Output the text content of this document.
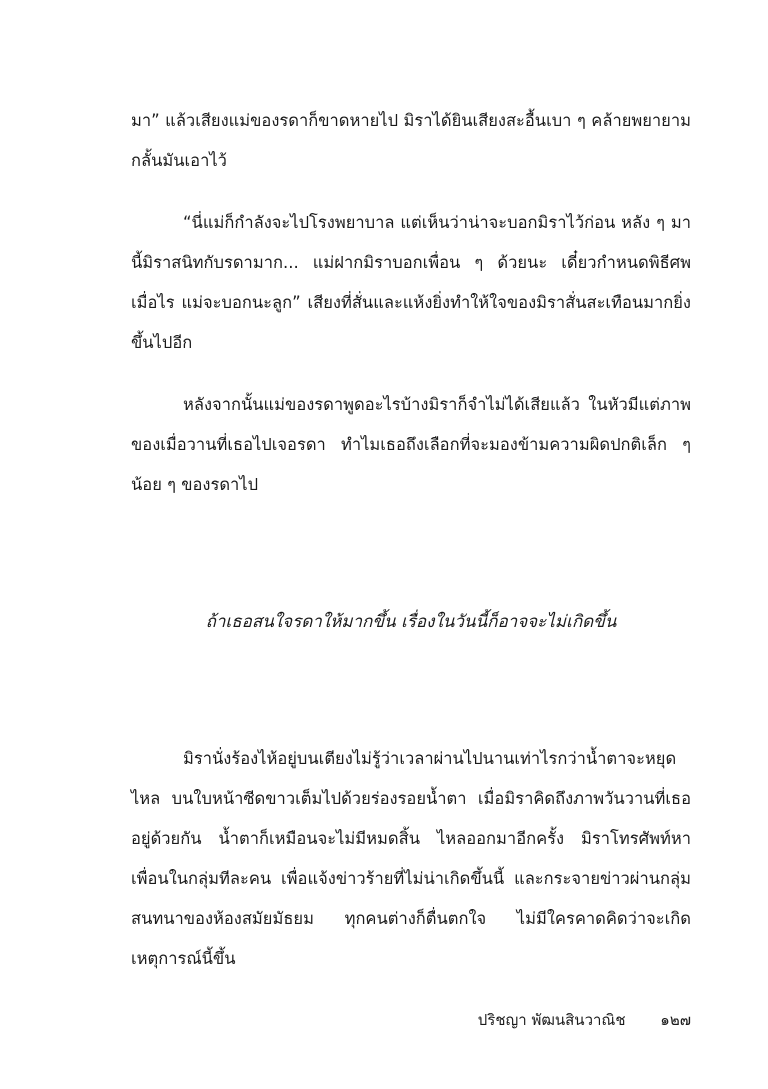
มา” แล้วเสียงแม่ของรดาก็ขาดหายไป มิราได้ยินเสียงสะอื้นเบา ๆ คล้ายพยายามกลั้นมันเอาไว้

“นี่แม่ก็กำลังจะไปโรงพยาบาล แต่เห็นว่าน่าจะบอกมิราไว้ก่อน หลัง ๆ มานี้มิราสนิทกับรดามาก... แม่ฝากมิราบอกเพื่อน ๆ ด้วยนะ เดี๋ยวกำหนดพิธีศพเมื่อไร แม่จะบอกนะลูก” เสียงที่สั่นและแห้งยิ่งทำให้ใจของมิราสั่นสะเทือนมากยิ่งขึ้นไปอีก

หลังจากนั้นแม่ของรดาพูดอะไรบ้างมิราก็จำไม่ได้เสียแล้ว ในหัวมีแต่ภาพของเมื่อวานที่เธอไปเจอรดา ทำไมเธอถึงเลือกที่จะมองข้ามความผิดปกติเล็ก ๆ น้อย ๆ ของรดาไป

ถ้าเธอสนใจรดาให้มากขึ้น เรื่องในวันนี้ก็อาจจะไม่เกิดขึ้น

มิรานั่งร้องไห้อยู่บนเตียงไม่รู้ว่าเวลาผ่านไปนานเท่าไรกว่าน้ำตาจะหยุดไหล บนใบหน้าซีดขาวเต็มไปด้วยร่องรอยน้ำตา เมื่อมิราคิดถึงภาพวันวานที่เธออยู่ด้วยกัน น้ำตาก็เหมือนจะไม่มีหมดสิ้น ไหลออกมาอีกครั้ง มิราโทรศัพท์หาเพื่อนในกลุ่มทีละคน เพื่อแจ้งข่าวร้ายที่ไม่น่าเกิดขึ้นนี้ และกระจายข่าวผ่านกลุ่มสนทนาของห้องสมัยมัธยม ทุกคนต่างก็ตื่นตกใจ ไม่มีใครคาดคิดว่าจะเกิดเหตุการณ์นี้ขึ้น

ปริชญา พัฒนสินวาณิช ๑๒๗
